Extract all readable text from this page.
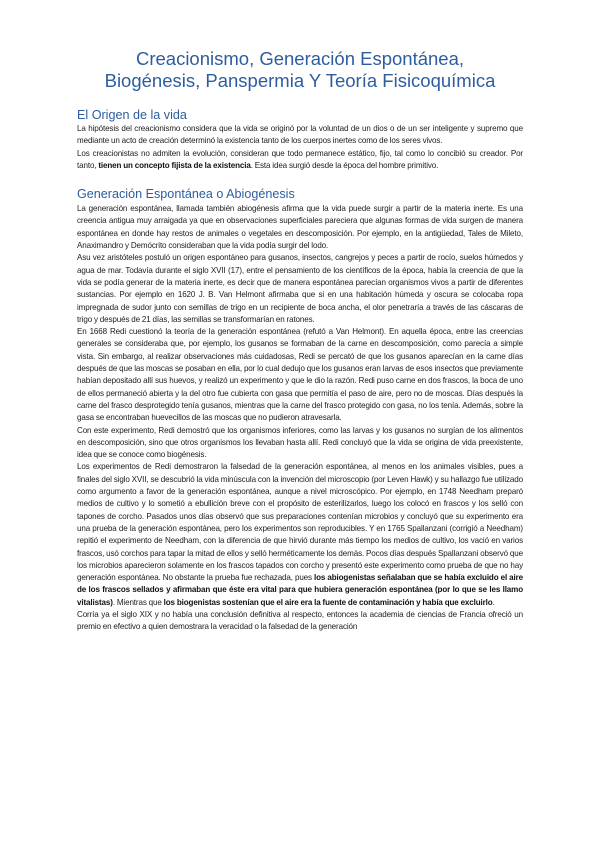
Creacionismo, Generación Espontánea,
Biogénesis, Panspermia Y Teoría Fisicoquímica
El Origen de la vida

La hipótesis del creacionismo considera que la vida se originó por la voluntad de un dios o de un ser inteligente y supremo que mediante un acto de creación determinó la existencia tanto de los cuerpos inertes como de los seres vivos.

Los creacionistas no admiten la evolución, consideran que todo permanece estático, fijo, tal como lo concibió su creador. Por tanto, tienen un concepto fijista de la existencia. Esta idea surgió desde la época del hombre primitivo.

Generación Espontánea o Abiogénesis

La generación espontánea, llamada también abiogénesis afirma que la vida puede surgir a partir de la materia inerte. Es una creencia antigua muy arraigada ya que en observaciones superficiales pareciera que algunas formas de vida surgen de manera espontánea en donde hay restos de animales o vegetales en descomposición. Por ejemplo, en la antigüedad, Tales de Mileto, Anaximandro y Demócrito consideraban que la vida podía surgir del lodo.

Asu vez aristóteles postuló un origen espontáneo para gusanos, insectos, cangrejos y peces a partir de rocío, suelos húmedos y agua de mar. Todavía durante el siglo XVII (17), entre el pensamiento de los científicos de la época, había la creencia de que la vida se podía generar de la materia inerte, es decir que de manera espontánea parecían organismos vivos a partir de diferentes sustancias. Por ejemplo en 1620 J. B. Van Helmont afirmaba que si en una habitación húmeda y oscura se colocaba ropa impregnada de sudor junto con semillas de trigo en un recipiente de boca ancha, el olor penetraría a través de las cáscaras de trigo y después de 21 días, las semillas se transformarían en ratones.

En 1668 Redi cuestionó la teoría de la generación espontánea (refutó a Van Helmont). En aquella época, entre las creencias generales se consideraba que, por ejemplo, los gusanos se formaban de la carne en descomposición, como parecía a simple vista. Sin embargo, al realizar observaciones más cuidadosas, Redi se percató de que los gusanos aparecían en la carne días después de que las moscas se posaban en ella, por lo cual dedujo que los gusanos eran larvas de esos insectos que previamente habían depositado allí sus huevos, y realizó un experimento y que le dio la razón. Redi puso carne en dos frascos, la boca de uno de ellos permaneció abierta y la del otro fue cubierta con gasa que permitía el paso de aire, pero no de moscas. Días después la carne del frasco desprotegido tenía gusanos, mientras que la carne del frasco protegido con gasa, no los tenía. Además, sobre la gasa se encontraban huevecillos de las moscas que no pudieron atravesarla.

Con este experimento, Redi demostró que los organismos inferiores, como las larvas y los gusanos no surgían de los alimentos en descomposición, sino que otros organismos los llevaban hasta allí. Redi concluyó que la vida se origina de vida preexistente, idea que se conoce como biogénesis.

Los experimentos de Redi demostraron la falsedad de la generación espontánea, al menos en los animales visibles, pues a finales del siglo XVII, se descubrió la vida minúscula con la invención del microscopio (por Leven Hawk) y su hallazgo fue utilizado como argumento a favor de la generación espontánea, aunque a nivel microscópico. Por ejemplo, en 1748 Needham preparó medios de cultivo y lo sometió a ebullición breve con el propósito de esterilizarlos, luego los colocó en frascos y los selló con tapones de corcho. Pasados unos días observó que sus preparaciones contenían microbios y concluyó que su experimento era una prueba de la generación espontánea, pero los experimentos son reproducibles. Y en 1765 Spallanzani (corrigió a Needham) repitió el experimento de Needham, con la diferencia de que hirvió durante más tiempo los medios de cultivo, los vació en varios frascos, usó corchos para tapar la mitad de ellos y selló herméticamente los demás. Pocos días después Spallanzani observó que los microbios aparecieron solamente en los frascos tapados con corcho y presentó este experimento como prueba de que no hay generación espontánea. No obstante la prueba fue rechazada, pues los abiogenistas señalaban que se había excluido el aire de los frascos sellados y afirmaban que éste era vital para que hubiera generación espontánea (por lo que se les llamo vitalistas). Mientras que los biogenistas sostenían que el aire era la fuente de contaminación y había que excluirlo.

Corría ya el siglo XIX y no había una conclusión definitiva al respecto, entonces la academia de ciencias de Francia ofreció un premio en efectivo a quien demostrara la veracidad o la falsedad de la generación
